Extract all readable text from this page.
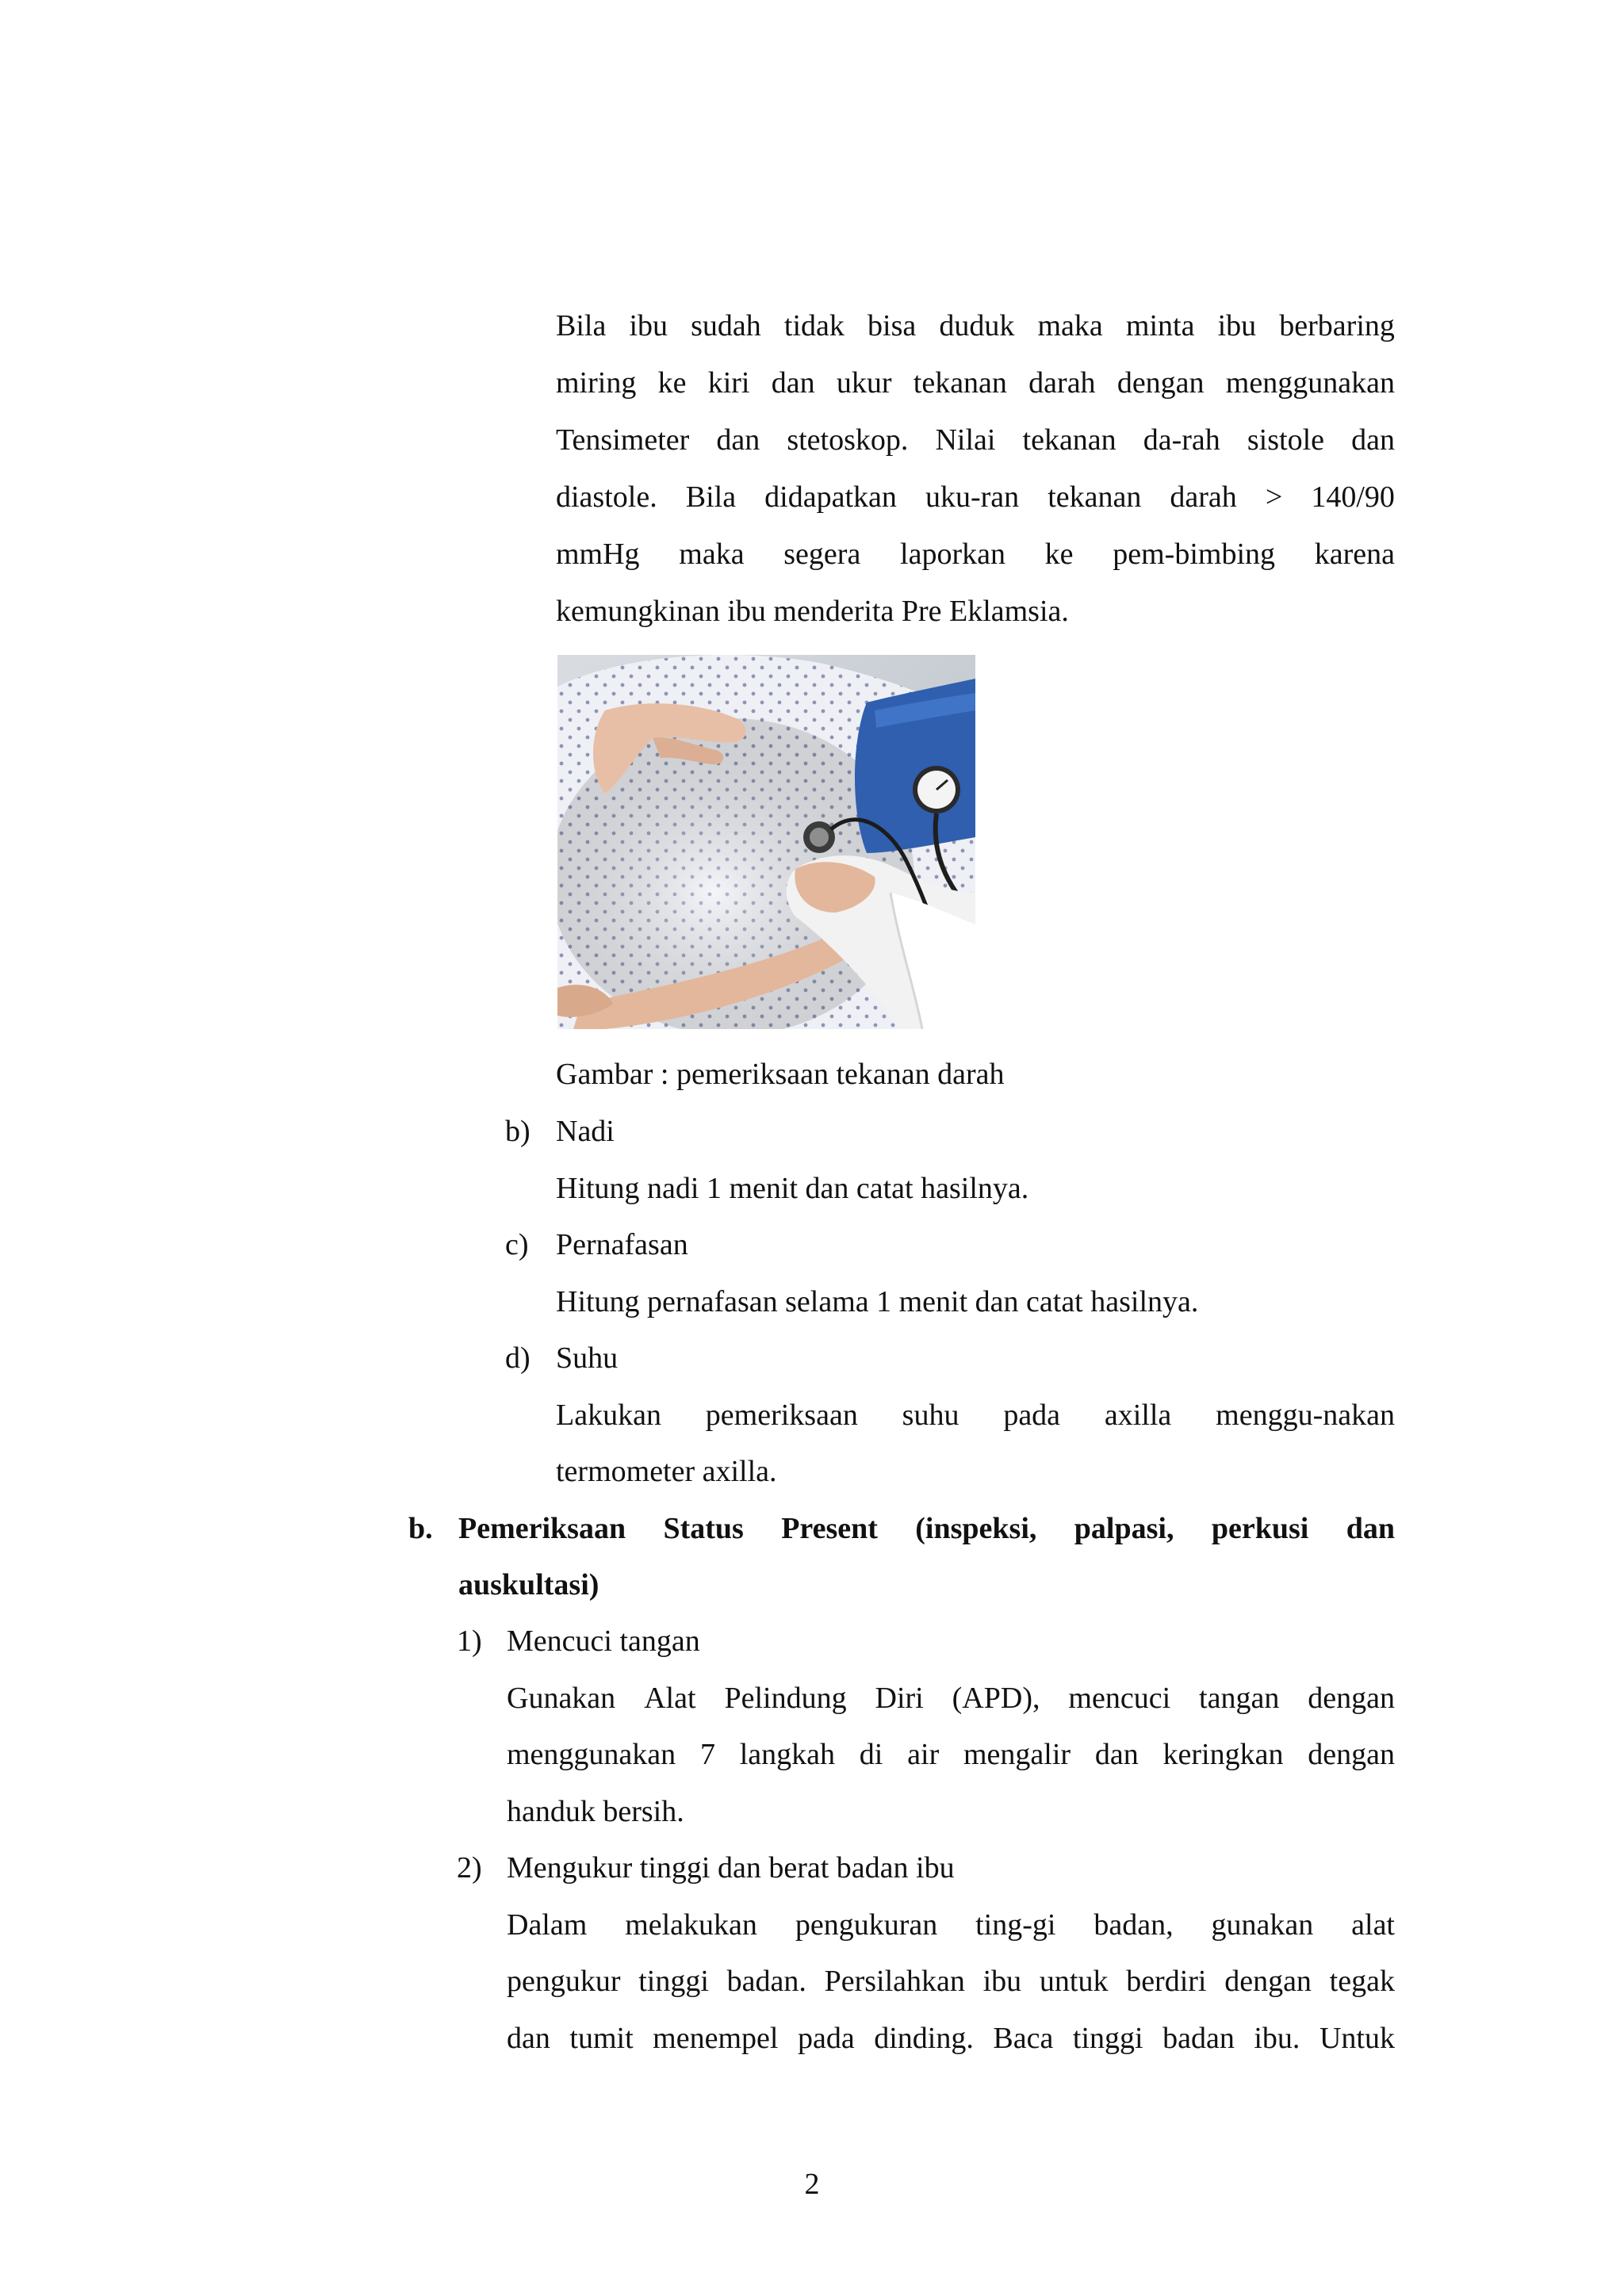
Bila ibu sudah tidak bisa duduk maka minta ibu berbaring
miring ke kiri dan ukur tekanan darah dengan menggunakan
Tensimeter dan stetoskop. Nilai tekanan da-rah sistole dan
diastole. Bila didapatkan uku-ran tekanan darah > 140/90
mmHg maka segera laporkan ke pem-bimbing karena
kemungkinan ibu menderita Pre Eklamsia.
Gambar : pemeriksaan tekanan darah
b) Nadi
Hitung nadi 1 menit dan catat hasilnya.
c) Pernafasan
Hitung pernafasan selama 1 menit dan catat hasilnya.
d) Suhu
Lakukan pemeriksaan suhu pada axilla menggu-nakan
termometer axilla.
b. Pemeriksaan Status Present (inspeksi, palpasi, perkusi dan
auskultasi)
1) Mencuci tangan
Gunakan Alat Pelindung Diri (APD), mencuci tangan dengan
menggunakan 7 langkah di air mengalir dan keringkan dengan
handuk bersih.
2) Mengukur tinggi dan berat badan ibu
Dalam melakukan pengukuran ting-gi badan, gunakan alat
pengukur tinggi badan. Persilahkan ibu untuk berdiri dengan tegak
dan tumit menempel pada dinding. Baca tinggi badan ibu. Untuk
2
